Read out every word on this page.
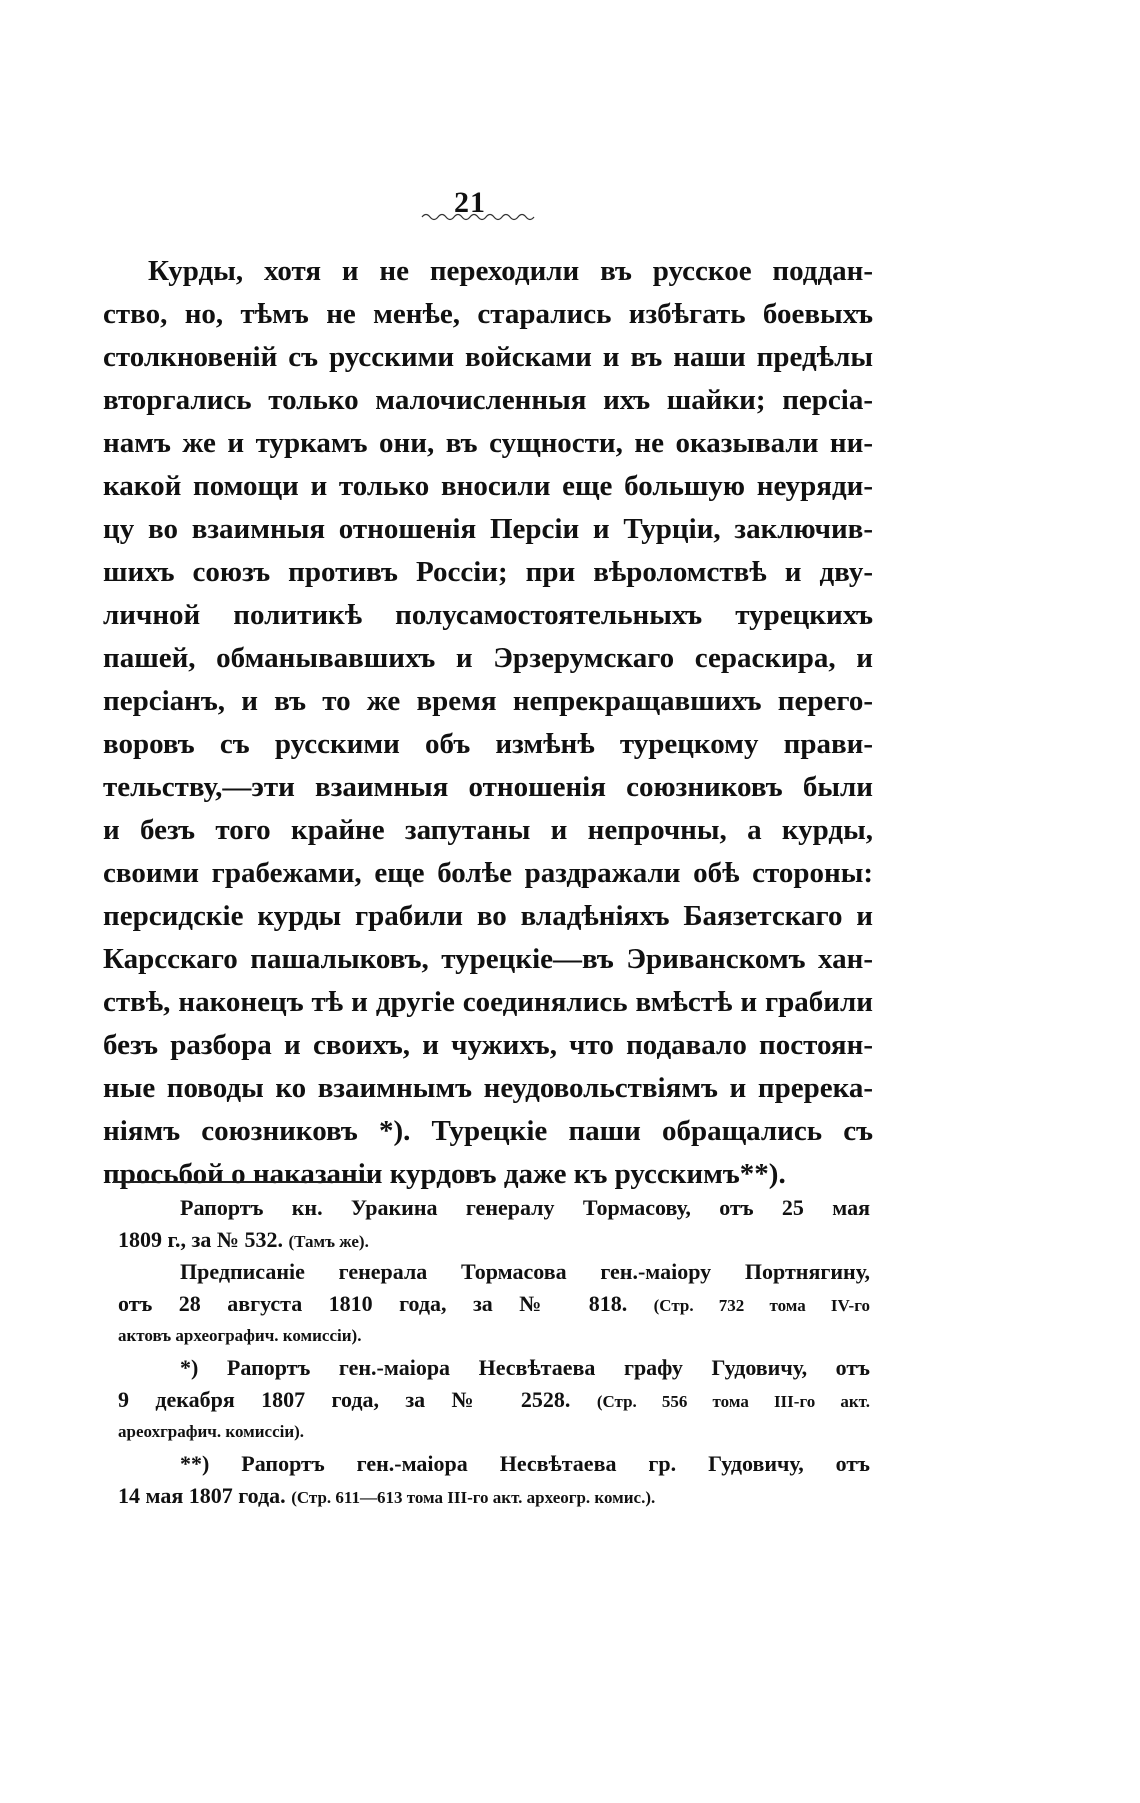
21
Курды, хотя и не переходили въ русское поддан-
ство, но, тѣмъ не менѣе, старались избѣгать боевыхъ
столкновеній съ русскими войсками и въ наши предѣлы
вторгались только малочисленныя ихъ шайки; персіа-
намъ же и туркамъ они, въ сущности, не оказывали ни-
какой помощи и только вносили еще большую неуряди-
цу во взаимныя отношенія Персіи и Турціи, заключив-
шихъ союзъ противъ Россіи; при вѣроломствѣ и дву-
личной политикѣ полусамостоятельныхъ турецкихъ
пашей, обманывавшихъ и Эрзерумскаго сераскира, и
персіанъ, и въ то же время непрекращавшихъ перего-
воровъ съ русскими объ измѣнѣ турецкому прави-
тельству,—эти взаимныя отношенія союзниковъ были
и безъ того крайне запутаны и непрочны, а курды,
своими грабежами, еще болѣе раздражали обѣ стороны:
персидскіе курды грабили во владѣніяхъ Баязетскаго и
Карсскаго пашалыковъ, турецкіе—въ Эриванскомъ хан-
ствѣ, наконецъ тѣ и другіе соединялись вмѣстѣ и грабили
безъ разбора и своихъ, и чужихъ, что подавало постоян-
ные поводы ко взаимнымъ неудовольствіямъ и пререка-
ніямъ союзниковъ *). Турецкіе паши обращались съ
просьбой о наказаніи курдовъ даже къ русскимъ**).
Рапортъ кн. Уракина генералу Тормасову, отъ 25 мая
1809 г., за № 532. (Тамъ же).
Предписаніе генерала Тормасова ген.-маіору Портнягину,
отъ 28 августа 1810 года, за № 818. (Стр. 732 тома IV-го
актовъ археографич. комиссіи).
*) Рапортъ ген.-маіора Несвѣтаева графу Гудовичу, отъ
9 декабря 1807 года, за № 2528. (Стр. 556 тома III-го акт.
ареохграфич. комиссіи).
**) Рапортъ ген.-маіора Несвѣтаева гр. Гудовичу, отъ
14 мая 1807 года. (Стр. 611—613 тома III-го акт. археогр. комис.).
